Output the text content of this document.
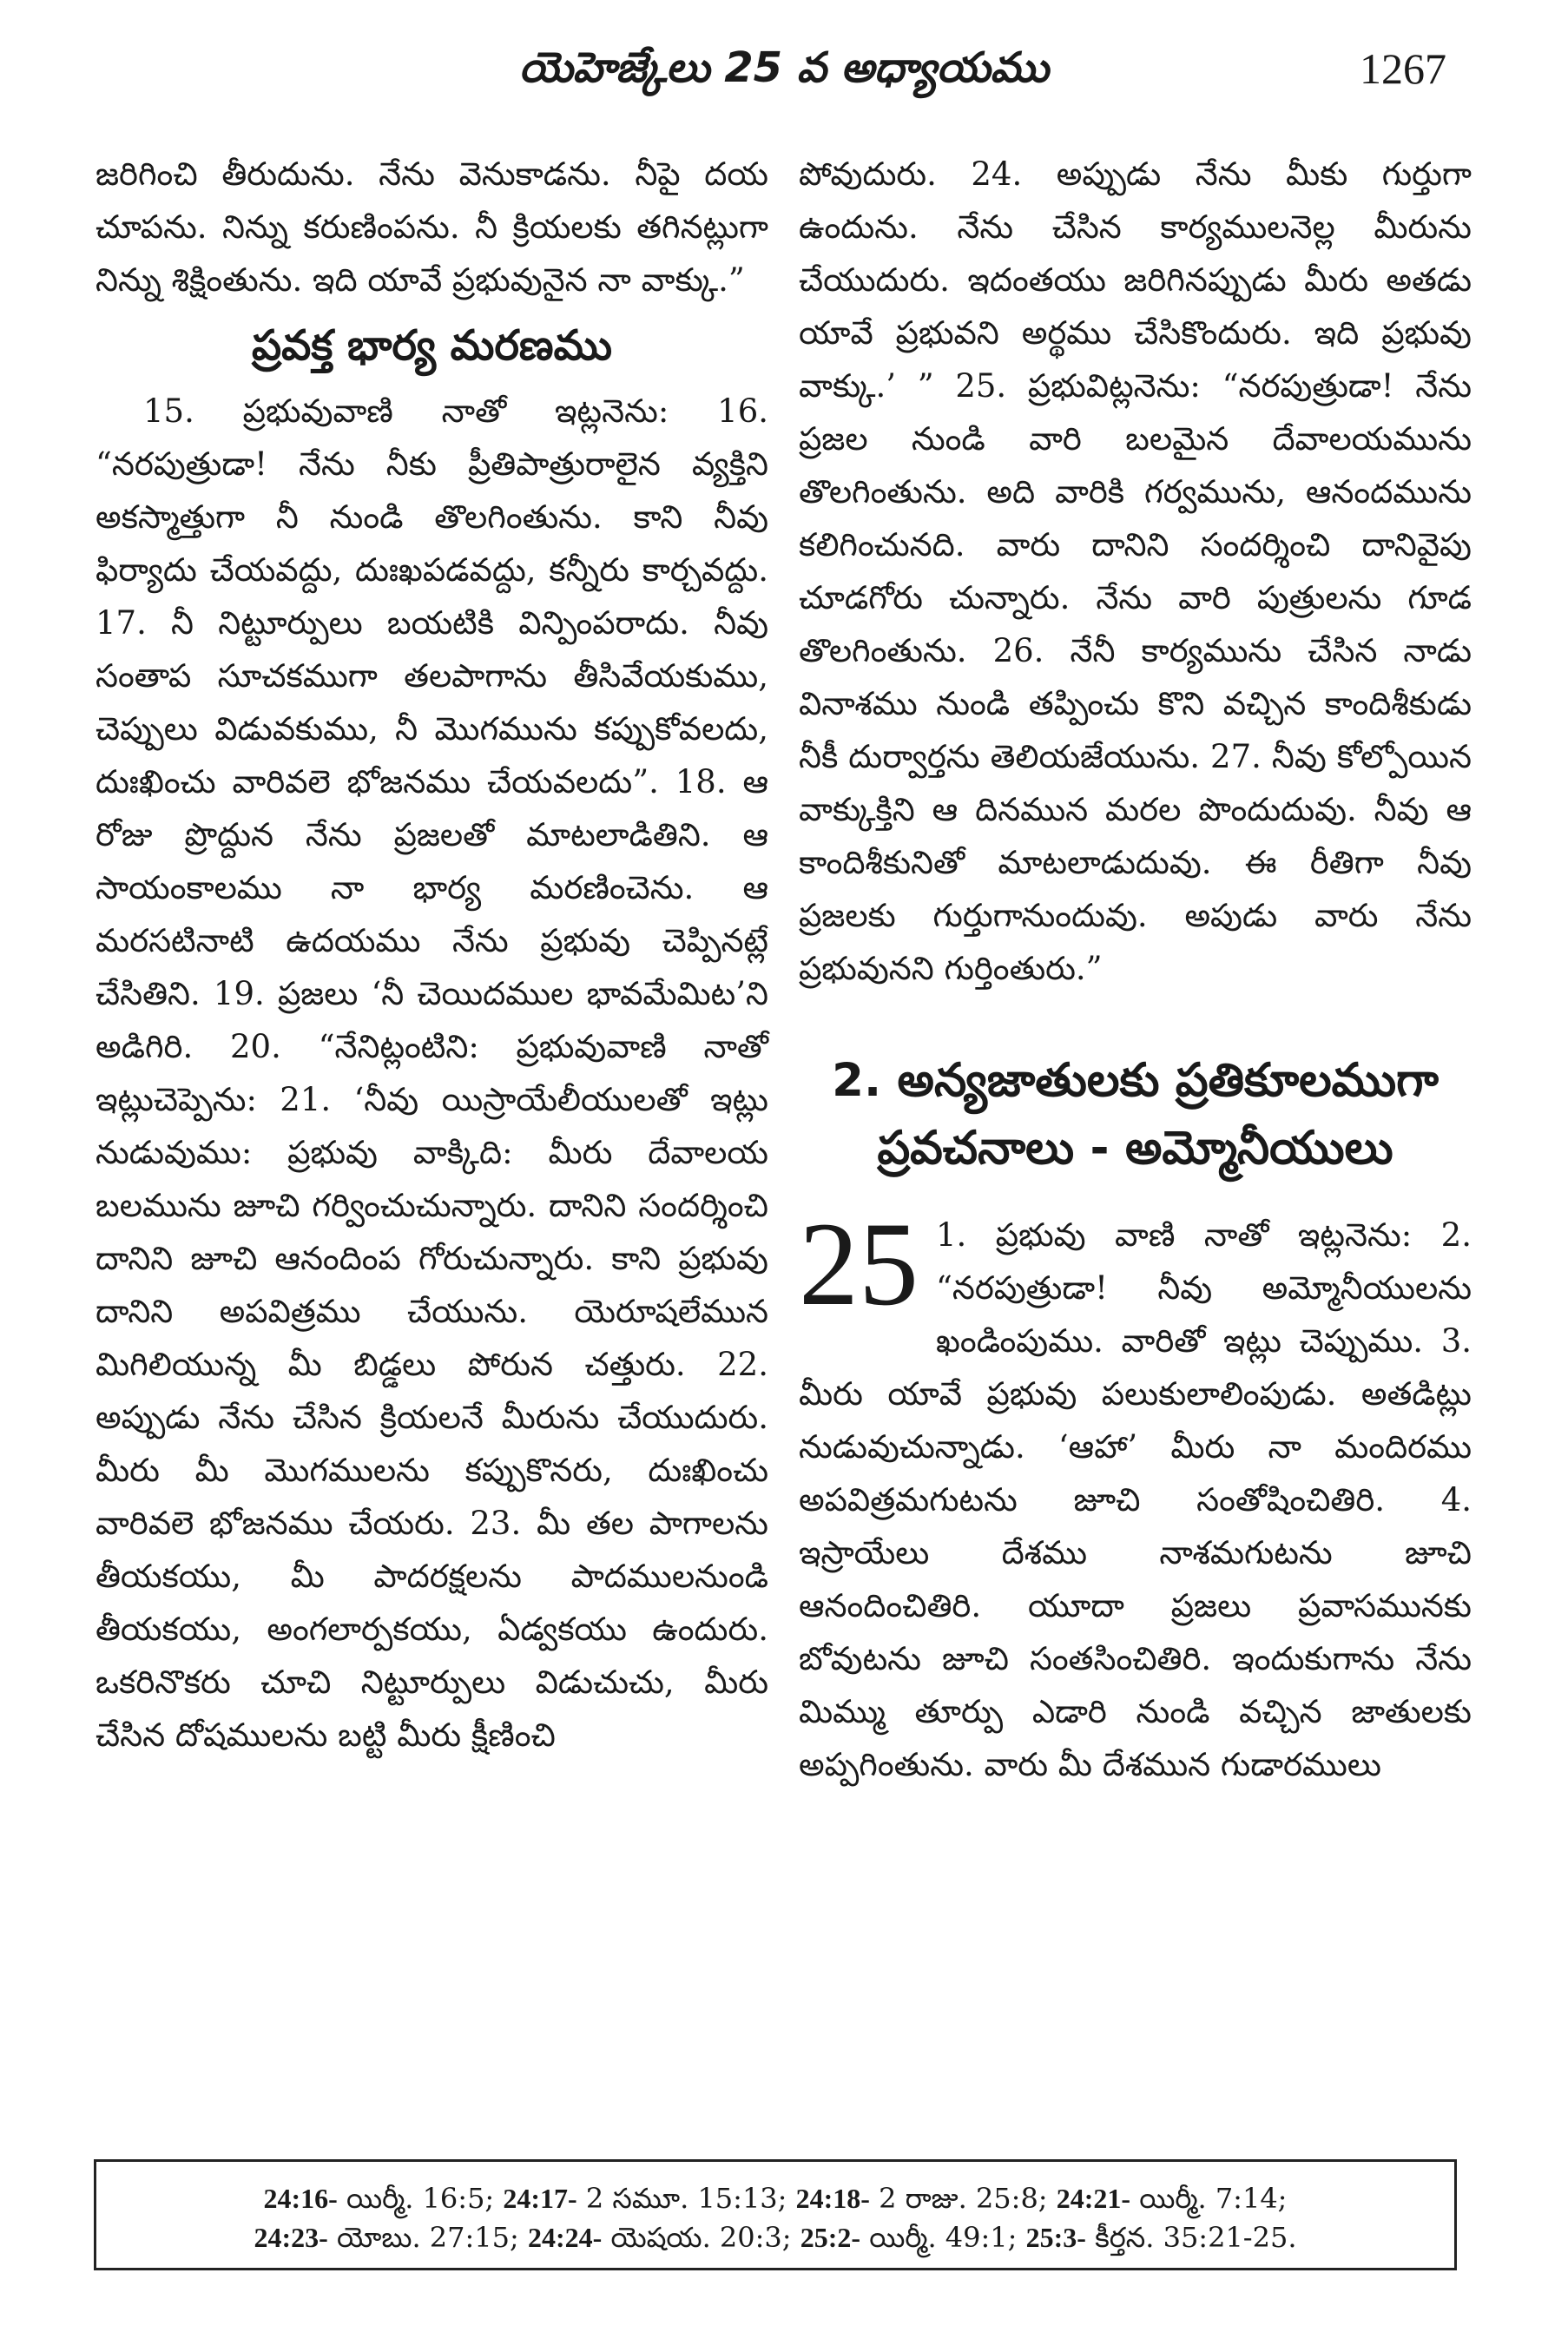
యెహెజ్కేలు 25 వ అధ్యాయము	1267

జరిగించి తీరుదును. నేను వెనుకాడను. నీపై దయ చూపను. నిన్ను కరుణింపను. నీ క్రియలకు తగినట్లుగా నిన్ను శిక్షింతును. ఇది యావే ప్రభువునైన నా వాక్కు.”

ప్రవక్త భార్య మరణము

15. ప్రభువువాణి నాతో ఇట్లనెను: 16. “నరపుత్రుడా! నేను నీకు ప్రీతిపాత్రురాలైన వ్యక్తిని అకస్మాత్తుగా నీ నుండి తొలగింతును. కాని నీవు ఫిర్యాదు చేయవద్దు, దుఃఖపడవద్దు, కన్నీరు కార్చవద్దు. 17. నీ నిట్టూర్పులు బయటికి విన్పింపరాదు. నీవు సంతాప సూచకముగా తలపాగాను తీసివేయకుము, చెప్పులు విడువకుము, నీ మొగమును కప్పుకోవలదు, దుఃఖించు వారివలె భోజనము చేయవలదు”. 18. ఆ రోజు ప్రొద్దున నేను ప్రజలతో మాటలాడితిని. ఆ సాయంకాలము నా భార్య మరణించెను. ఆ మరసటినాటి ఉదయము నేను ప్రభువు చెప్పినట్లే చేసితిని. 19. ప్రజలు ‘నీ చెయిదముల భావమేమిట’ని అడిగిరి. 20. “నేనిట్లంటిని: ప్రభువువాణి నాతో ఇట్లుచెప్పెను: 21. ‘నీవు యిస్రాయేలీయులతో ఇట్లు నుడువుము: ప్రభువు వాక్కిది: మీరు దేవాలయ బలమును జూచి గర్వించుచున్నారు. దానిని సందర్శించి దానిని జూచి ఆనందింప గోరుచున్నారు. కాని ప్రభువు దానిని అపవిత్రము చేయును. యెరూషలేమున మిగిలియున్న మీ బిడ్డలు పోరున చత్తురు. 22. అప్పుడు నేను చేసిన క్రియలనే మీరును చేయుదురు. మీరు మీ మొగములను కప్పుకొనరు, దుఃఖించు వారివలె భోజనము చేయరు. 23. మీ తల పాగాలను తీయకయు, మీ పాదరక్షలను పాదములనుండి తీయకయు, అంగలార్పకయు, ఏడ్వకయు ఉందురు. ఒకరినొకరు చూచి నిట్టూర్పులు విడుచుచు, మీరు చేసిన దోషములను బట్టి మీరు క్షీణించి

పోవుదురు. 24. అప్పుడు నేను మీకు గుర్తుగా ఉందును. నేను చేసిన కార్యములనెల్ల మీరును చేయుదురు. ఇదంతయు జరిగినప్పుడు మీరు అతడు యావే ప్రభువని అర్థము చేసికొందురు. ఇది ప్రభువు వాక్కు.’ ” 25. ప్రభువిట్లనెను: “నరపుత్రుడా! నేను ప్రజల నుండి వారి బలమైన దేవాలయమును తొలగింతును. అది వారికి గర్వమును, ఆనందమును కలిగించునది. వారు దానిని సందర్శించి దానివైపు చూడగోరు చున్నారు. నేను వారి పుత్రులను గూడ తొలగింతును. 26. నేనీ కార్యమును చేసిన నాడు వినాశము నుండి తప్పించు కొని వచ్చిన కాందిశీకుడు నీకీ దుర్వార్తను తెలియజేయును. 27. నీవు కోల్పోయిన వాక్కుక్తిని ఆ దినమున మరల పొందుదువు. నీవు ఆ కాందిశీకునితో మాటలాడుదువు. ఈ రీతిగా నీవు ప్రజలకు గుర్తుగానుందువు. అపుడు వారు నేను ప్రభువునని గుర్తింతురు.”

2. అన్యజాతులకు ప్రతికూలముగా
ప్రవచనాలు - అమ్మోనీయులు
25 1. ప్రభువు వాణి నాతో ఇట్లనెను: 2. “నరపుత్రుడా! నీవు అమ్మోనీయులను ఖండింపుము. వారితో ఇట్లు చెప్పుము. 3. మీరు యావే ప్రభువు పలుకులాలింపుడు. అతడిట్లు నుడువుచున్నాడు. ‘ఆహా’ మీరు నా మందిరము అపవిత్రమగుటను జూచి సంతోషించితిరి. 4. ఇస్రాయేలు దేశము నాశమగుటను జూచి ఆనందించితిరి. యూదా ప్రజలు ప్రవాసమునకు బోవుటను జూచి సంతసించితిరి. ఇందుకుగాను నేను మిమ్ము తూర్పు ఎడారి నుండి వచ్చిన జాతులకు అప్పగింతును. వారు మీ దేశమున గుడారములు

24:16- యిర్మీ. 16:5; 24:17- 2 సమూ. 15:13; 24:18- 2 రాజు. 25:8; 24:21- యిర్మీ. 7:14;
24:23- యోబు. 27:15; 24:24- యెషయ. 20:3; 25:2- యిర్మీ. 49:1; 25:3- కీర్తన. 35:21-25.
